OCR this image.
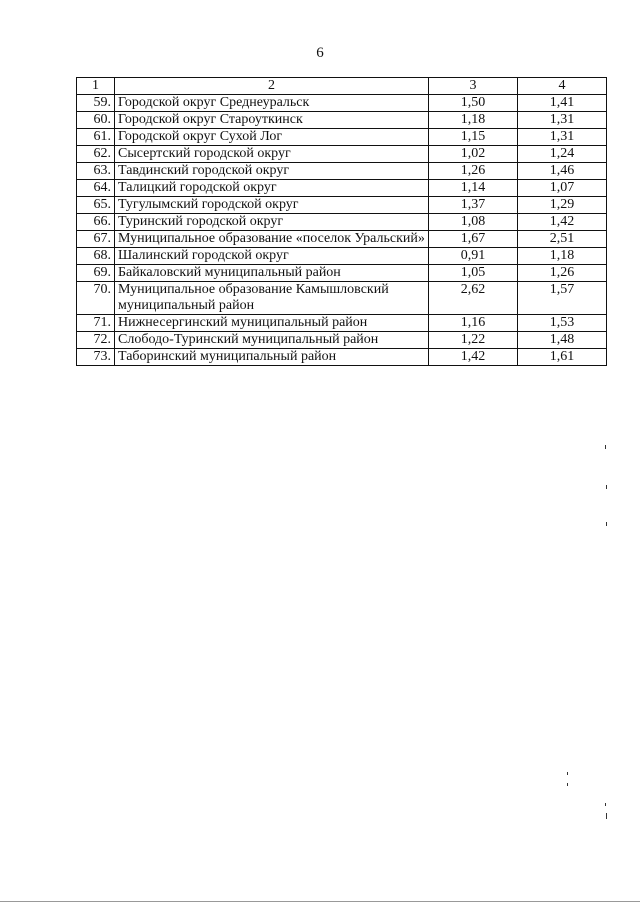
6
1	2	3	4
59.	Городской округ Среднеуральск	1,50	1,41
60.	Городской округ Староуткинск	1,18	1,31
61.	Городской округ Сухой Лог	1,15	1,31
62.	Сысертский городской округ	1,02	1,24
63.	Тавдинский городской округ	1,26	1,46
64.	Талицкий городской округ	1,14	1,07
65.	Тугулымский городской округ	1,37	1,29
66.	Туринский городской округ	1,08	1,42
67.	Муниципальное образование «поселок Уральский»	1,67	2,51
68.	Шалинский городской округ	0,91	1,18
69.	Байкаловский муниципальный район	1,05	1,26
70.	Муниципальное образование Камышловский муниципальный район	2,62	1,57
71.	Нижнесергинский муниципальный район	1,16	1,53
72.	Слободо-Туринский муниципальный район	1,22	1,48
73.	Таборинский муниципальный район	1,42	1,61
